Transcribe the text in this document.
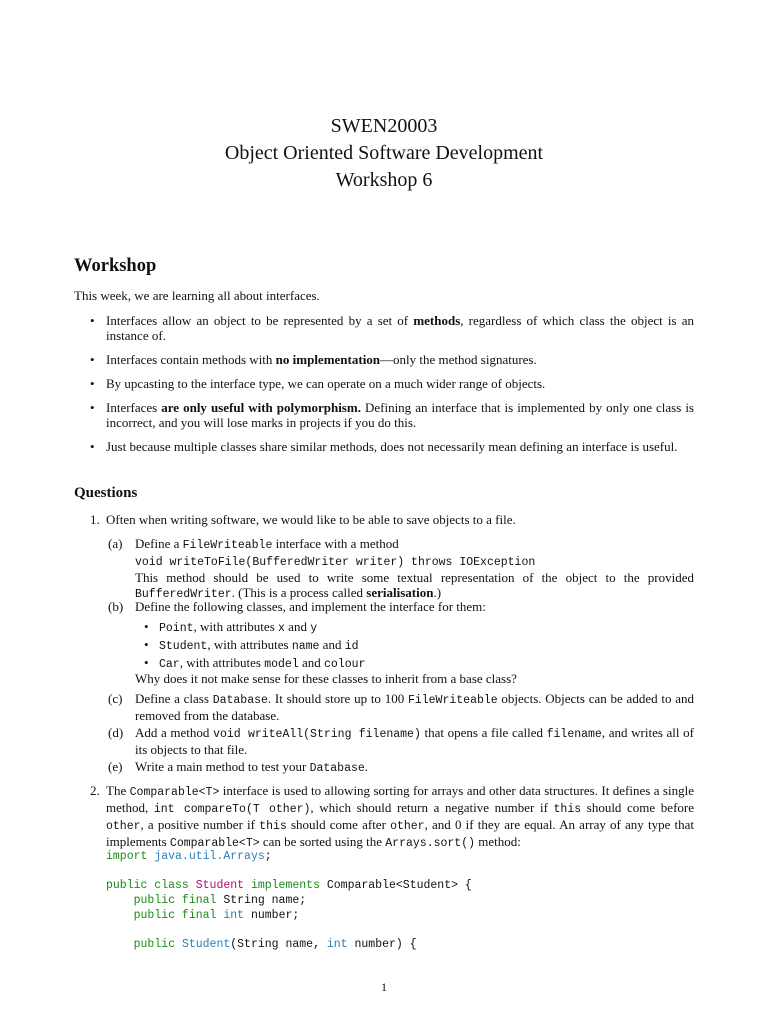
SWEN20003
Object Oriented Software Development
Workshop 6
Workshop

This week, we are learning all about interfaces.

• Interfaces allow an object to be represented by a set of methods, regardless of which class the object is an instance of.
• Interfaces contain methods with no implementation—only the method signatures.
• By upcasting to the interface type, we can operate on a much wider range of objects.
• Interfaces are only useful with polymorphism. Defining an interface that is implemented by only one class is incorrect, and you will lose marks in projects if you do this.
• Just because multiple classes share similar methods, does not necessarily mean defining an interface is useful.
Questions
1. Often when writing software, we would like to be able to save objects to a file.
(a) Define a FileWriteable interface with a method
void writeToFile(BufferedWriter writer) throws IOException
This method should be used to write some textual representation of the object to the provided BufferedWriter. (This is a process called serialisation.)
(b) Define the following classes, and implement the interface for them:
• Point, with attributes x and y
• Student, with attributes name and id
• Car, with attributes model and colour
Why does it not make sense for these classes to inherit from a base class?
(c) Define a class Database. It should store up to 100 FileWriteable objects. Objects can be added to and removed from the database.
(d) Add a method void writeAll(String filename) that opens a file called filename, and writes all of its objects to that file.
(e) Write a main method to test your Database.
2. The Comparable<T> interface is used to allowing sorting for arrays and other data structures. It defines a single method, int compareTo(T other), which should return a negative number if this should come before other, a positive number if this should come after other, and 0 if they are equal. An array of any type that implements Comparable<T> can be sorted using the Arrays.sort() method:
import java.util.Arrays;

public class Student implements Comparable<Student> {
public final String name;
public final int number;

public Student(String name, int number) {
1
